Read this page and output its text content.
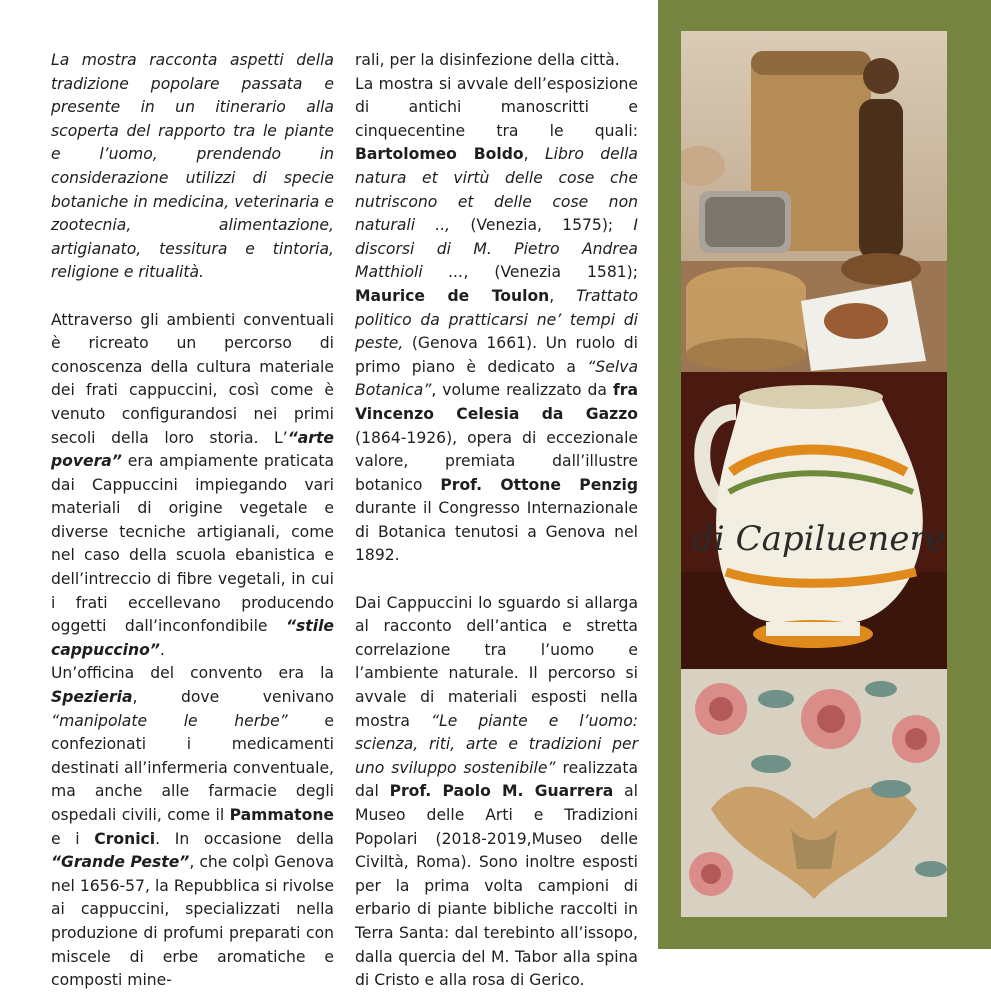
La mostra racconta aspetti della tradizione popolare passata e presente in un itinerario alla scoperta del rapporto tra le piante e l’uomo, prendendo in considerazione utilizzi di specie botaniche in medicina, veterinaria e zootecnia, alimentazione, artigianato, tessitura e tintoria, religione e ritualità.

Attraverso gli ambienti conventuali è ricreato un percorso di conoscenza della cultura materiale dei frati cappuccini, così come è venuto configurandosi nei primi secoli della loro storia. L’“arte povera” era ampiamente praticata dai Cappuccini impiegando vari materiali di origine vegetale e diverse tecniche artigianali, come nel caso della scuola ebanistica e dell’intreccio di fibre vegetali, in cui i frati eccellevano producendo oggetti dall’inconfondibile “stile cappuccino”.

Un’officina del convento era la Spezieria, dove venivano “manipolate le herbe” e confezionati i medicamenti destinati all’infermeria conventuale, ma anche alle farmacie degli ospedali civili, come il Pammatone e i Cronici. In occasione della “Grande Peste”, che colpì Genova nel 1656-57, la Repubblica si rivolse ai cappuccini, specializzati nella produzione di profumi preparati con miscele di erbe aromatiche e composti mine-

rali, per la disinfezione della città.

La mostra si avvale dell’esposizione di antichi manoscritti e cinquecentine tra le quali: Bartolomeo Boldo, Libro della natura et virtù delle cose che nutriscono et delle cose non naturali .., (Venezia, 1575); I discorsi di M. Pietro Andrea Matthioli ..., (Venezia 1581); Maurice de Toulon, Trattato politico da pratticarsi ne’ tempi di peste, (Genova 1661). Un ruolo di primo piano è dedicato a “Selva Botanica”, volume realizzato da fra Vincenzo Celesia da Gazzo (1864-1926), opera di eccezionale valore, premiata dall’illustre botanico Prof. Ottone Penzig durante il Congresso Internazionale di Botanica tenutosi a Genova nel 1892.

Dai Cappuccini lo sguardo si allarga al racconto dell’antica e stretta correlazione tra l’uomo e l’ambiente naturale. Il percorso si avvale di materiali esposti nella mostra “Le piante e l’uomo: scienza, riti, arte e tradizioni per uno sviluppo sostenibile” realizzata dal Prof. Paolo M. Guarrera al Museo delle Arti e Tradizioni Popolari (2018-2019,Museo delle Civiltà, Roma). Sono inoltre esposti per la prima volta campioni di erbario di piante bibliche raccolti in Terra Santa: dal terebinto all’issopo, dalla quercia del M. Tabor alla spina di Cristo e alla rosa di Gerico.

di Capiluenere
